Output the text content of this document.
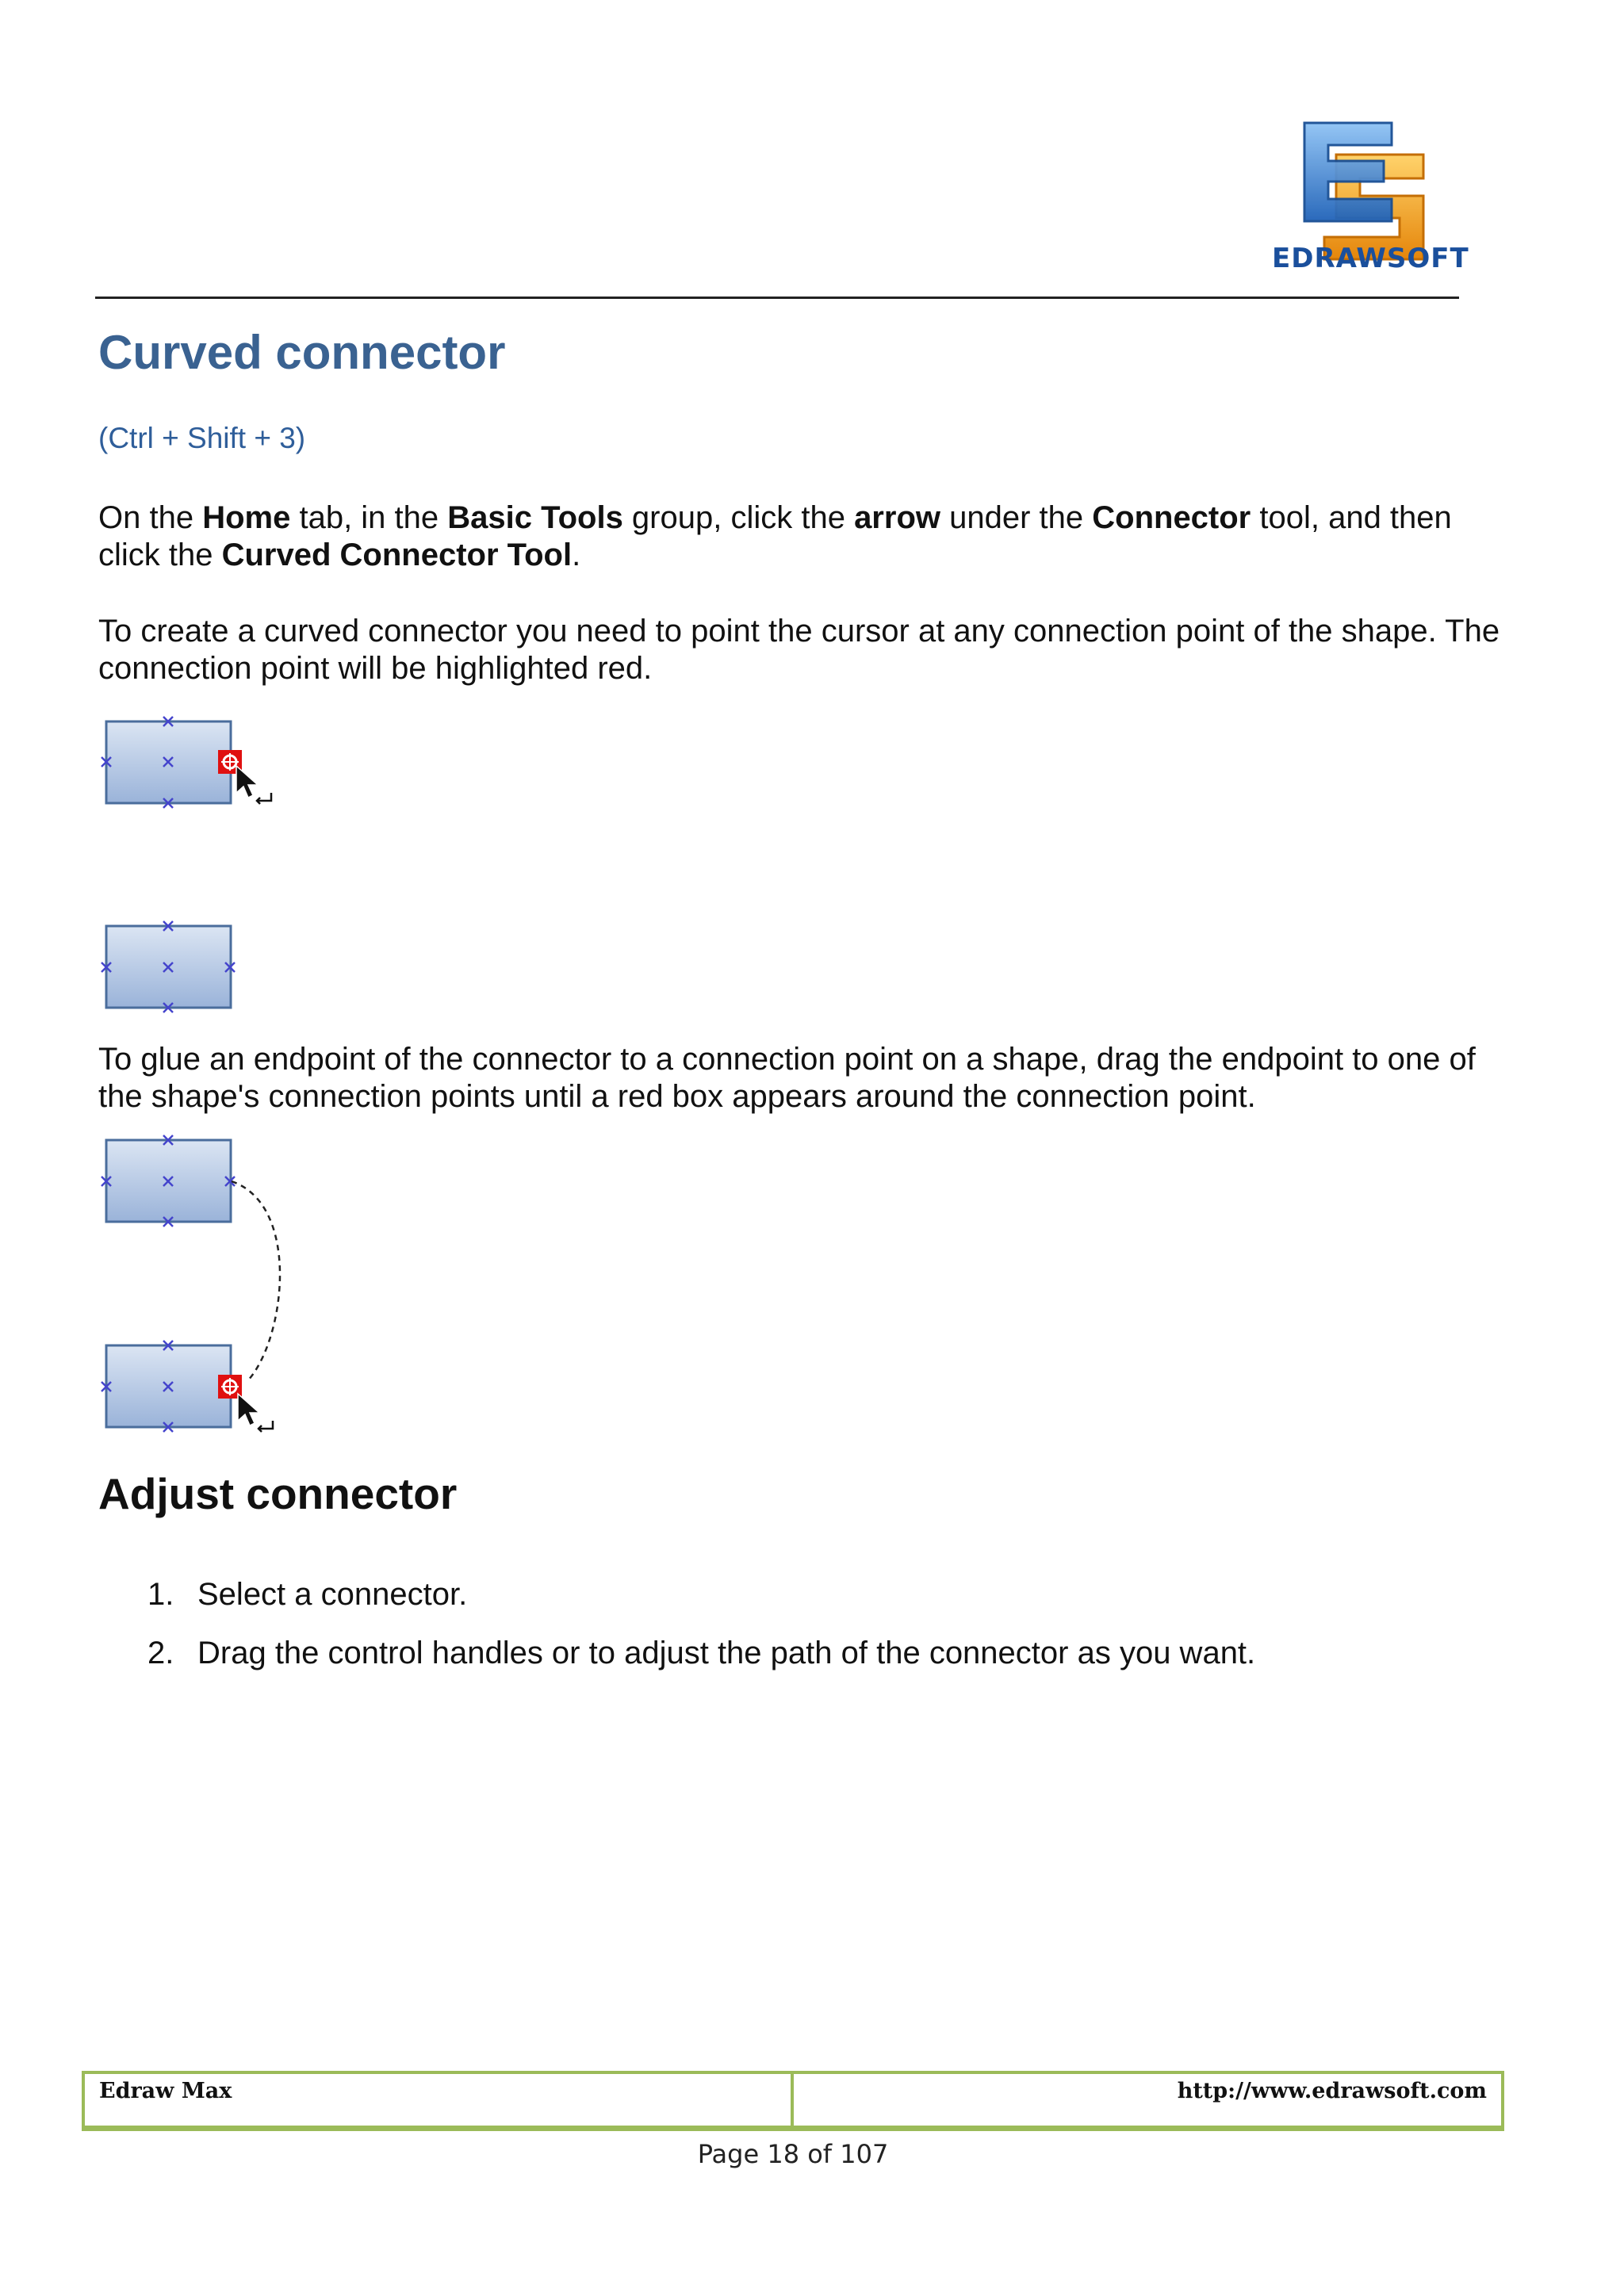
EDRAWSOFT
Curved connector
(Ctrl + Shift + 3)

On the Home tab, in the Basic Tools group, click the arrow under the Connector tool, and then click the Curved Connector Tool.

To create a curved connector you need to point the cursor at any connection point of the shape. The connection point will be highlighted red.

To glue an endpoint of the connector to a connection point on a shape, drag the endpoint to one of the shape's connection points until a red box appears around the connection point.

Adjust connector
1. Select a connector.
2. Drag the control handles or to adjust the path of the connector as you want.
Edraw Max	http://www.edrawsoft.com
Page 18 of 107
